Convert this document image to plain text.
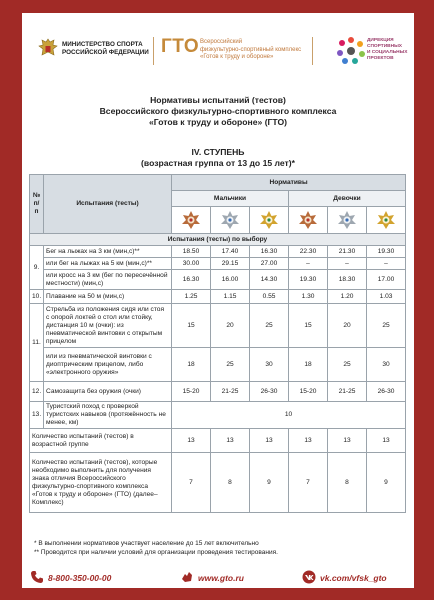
МИНИСТЕРСТВО СПОРТА
РОССИЙСКОЙ ФЕДЕРАЦИИ ГТО Всероссийский
физкультурно-спортивный комплекс
«Готов к труду и обороне»
ДИРЕКЦИЯ
СПОРТИВНЫХ
И СОЦИАЛЬНЫХ
ПРОЕКТОВ
Нормативы испытаний (тестов)
Всероссийского физкультурно-спортивного комплекса
«Готов к труду и обороне» (ГТО)
IV. СТУПЕНЬ
(возрастная группа от 13 до 15 лет)*
№ п/п	Испытания (тесты)	Нормативы					
		Мальчики			Девочки		

Испытания (тесты) по выбору							
9.	Бег на лыжах на 3 км (мин,с)**	18.50	17.40	16.30	22.30	21.30	19.30
	или бег на лыжах на 5 км (мин,с)**	30.00	29.15	27.00	–	–	–
	или кросс на 3 км (бег по пересечённой местности) (мин,с)	16.30	16.00	14.30	19.30	18.30	17.00
10.	Плавание на 50 м (мин,с)	1.25	1.15	0.55	1.30	1.20	1.03
11.	Стрельба из положения сидя или стоя с опорой локтей о стол или стойку, дистанция 10 м (очки): из пневматической винтовки с открытым прицелом	15	20	25	15	20	25
	или из пневматической винтовки с диоптрическим прицелом, либо «электронного оружия»	18	25	30	18	25	30
12.	Самозащита без оружия (очки)	15-20	21-25	26-30	15-20	21-25	26-30
13.	Туристский поход с проверкой туристских навыков (протяжённость не менее, км)	10					
Количество испытаний (тестов) в возрастной группе		13	13	13	13	13	13
Количество испытаний (тестов), которые необходимо выполнить для получения знака отличия Всероссийского физкультурно-спортивного комплекса «Готов к труду и обороне» (ГТО) (далее–Комплекс)		7	8	9	7	8	9
* В выполнении нормативов участвует население до 15 лет включительно
** Проводится при наличии условий для организации проведения тестирования.
8-800-350-00-00	www.gto.ru	vk.com/vfsk_gto
